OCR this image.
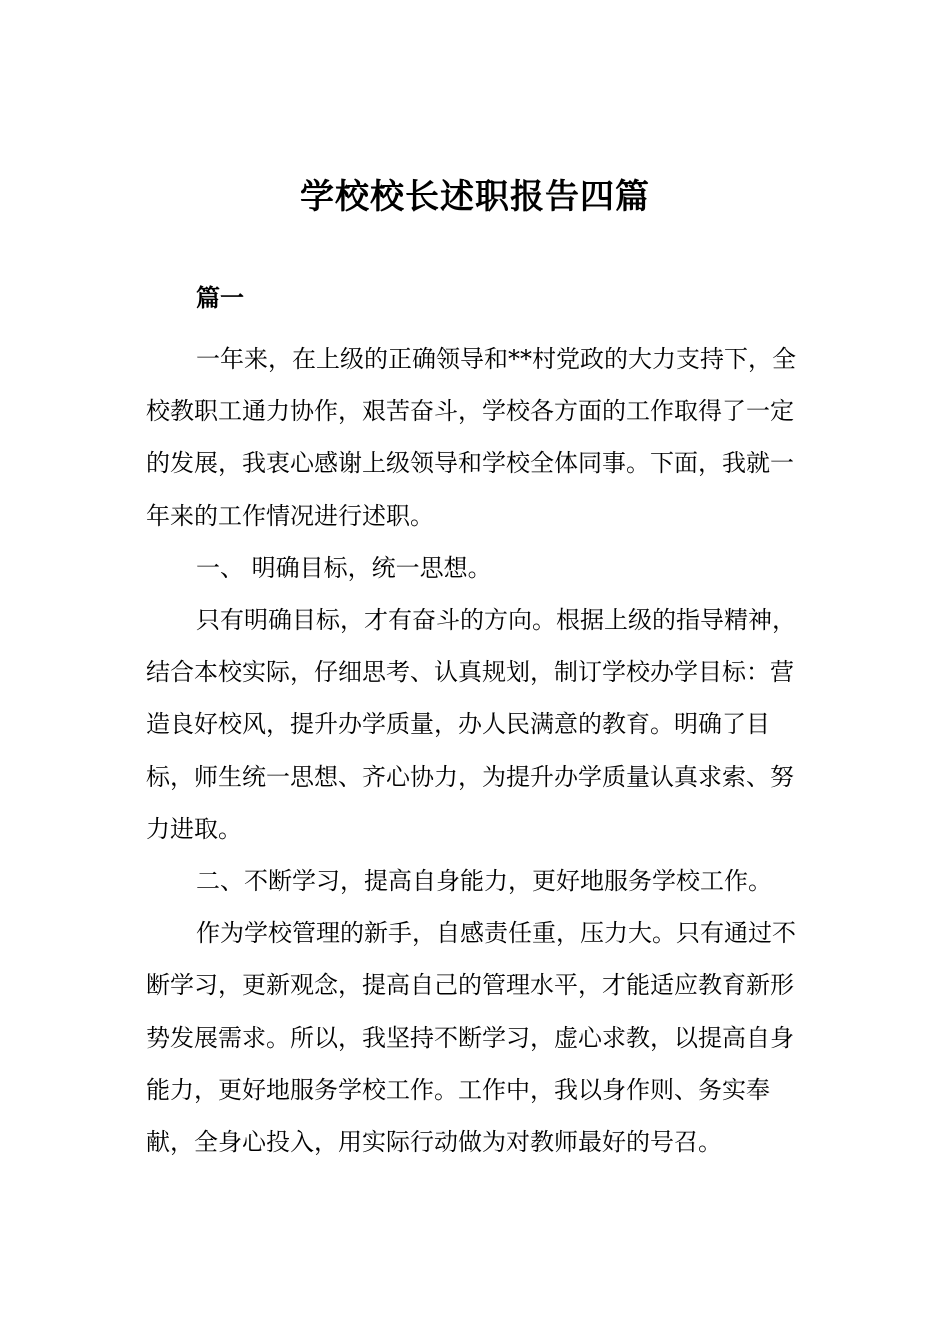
学校校长述职报告四篇
篇一

一年来，在上级的正确领导和**村党政的大力支持下，全校教职工通力协作，艰苦奋斗，学校各方面的工作取得了一定的发展，我衷心感谢上级领导和学校全体同事。下面，我就一年来的工作情况进行述职。

一、 明确目标，统一思想。

只有明确目标，才有奋斗的方向。根据上级的指导精神，结合本校实际，仔细思考、认真规划，制订学校办学目标：营造良好校风，提升办学质量，办人民满意的教育。明确了目标，师生统一思想、齐心协力，为提升办学质量认真求索、努力进取。

二、不断学习，提高自身能力，更好地服务学校工作。

作为学校管理的新手，自感责任重，压力大。只有通过不断学习，更新观念，提高自己的管理水平，才能适应教育新形势发展需求。所以，我坚持不断学习，虚心求教，以提高自身能力，更好地服务学校工作。工作中，我以身作则、务实奉献，全身心投入，用实际行动做为对教师最好的号召。
